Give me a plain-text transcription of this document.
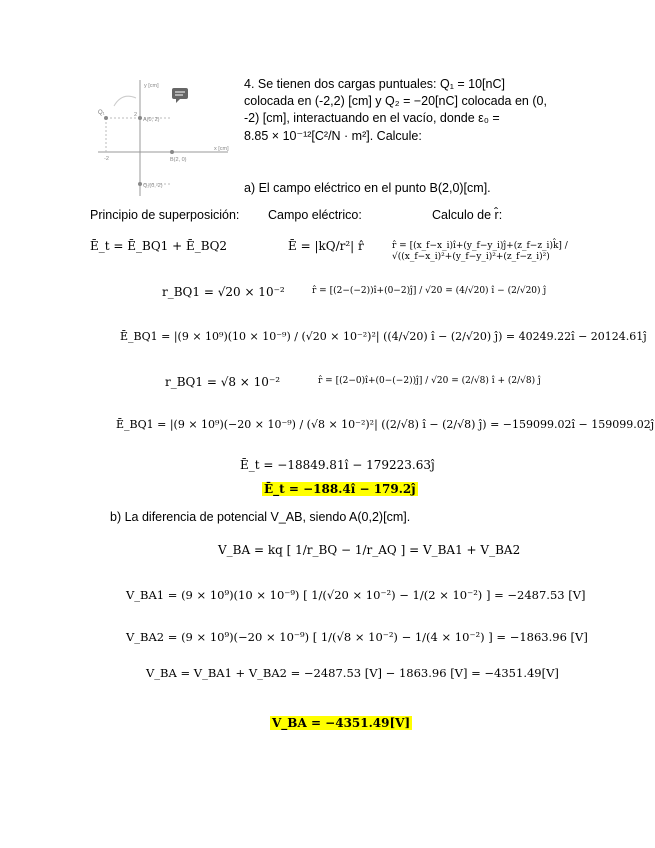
y [cm]
x [cm]
Q₁
A(0, 2)
B(2, 0)
Q₂(0,-2)
-2
2
4. Se tienen dos cargas puntuales: Q₁ = 10[nC]
colocada en (-2,2) [cm] y Q₂ = −20[nC] colocada en (0,
-2) [cm], interactuando en el vacío, donde ε₀ =
8.85 × 10⁻¹²[C²/N · m²]. Calcule:
a) El campo eléctrico en el punto B(2,0)[cm].
Principio de superposición: Campo eléctrico:	Calculo de r̂:
Ē_t = Ē_BQ1 + Ē_BQ2	Ē = |kQ/r²| r̂	r̂ = [(x_f−x_i)î+(y_f−y_i)ĵ+(z_f−z_i)k̂] / √((x_f−x_i)²+(y_f−y_i)²+(z_f−z_i)²)
r_BQ1 = √20 × 10⁻²	r̂ = [(2−(−2))î+(0−2)ĵ] / √20 = (4/√20) î − (2/√20) ĵ
Ē_BQ1 = |(9 × 10⁹)(10 × 10⁻⁹) / (√20 × 10⁻²)²| ((4/√20) î − (2/√20) ĵ) = 40249.22î − 20124.61ĵ
r_BQ1 = √8 × 10⁻²	r̂ = [(2−0)î+(0−(−2))ĵ] / √20 = (2/√8) î + (2/√8) ĵ
Ē_BQ1 = |(9 × 10⁹)(−20 × 10⁻⁹) / (√8 × 10⁻²)²| ((2/√8) î − (2/√8) ĵ) = −159099.02î − 159099.02ĵ
Ē_t = −18849.81î − 179223.63ĵ
Ē_t = −188.4î − 179.2ĵ
b) La diferencia de potencial V_AB, siendo A(0,2)[cm].
V_BA = kq [ 1/r_BQ − 1/r_AQ ] = V_BA1 + V_BA2
V_BA1 = (9 × 10⁹)(10 × 10⁻⁹) [ 1/(√20 × 10⁻²) − 1/(2 × 10⁻²) ] = −2487.53 [V]
V_BA2 = (9 × 10⁹)(−20 × 10⁻⁹) [ 1/(√8 × 10⁻²) − 1/(4 × 10⁻²) ] = −1863.96 [V]
V_BA = V_BA1 + V_BA2 = −2487.53 [V] − 1863.96 [V] = −4351.49[V]
V_BA = −4351.49[V]
